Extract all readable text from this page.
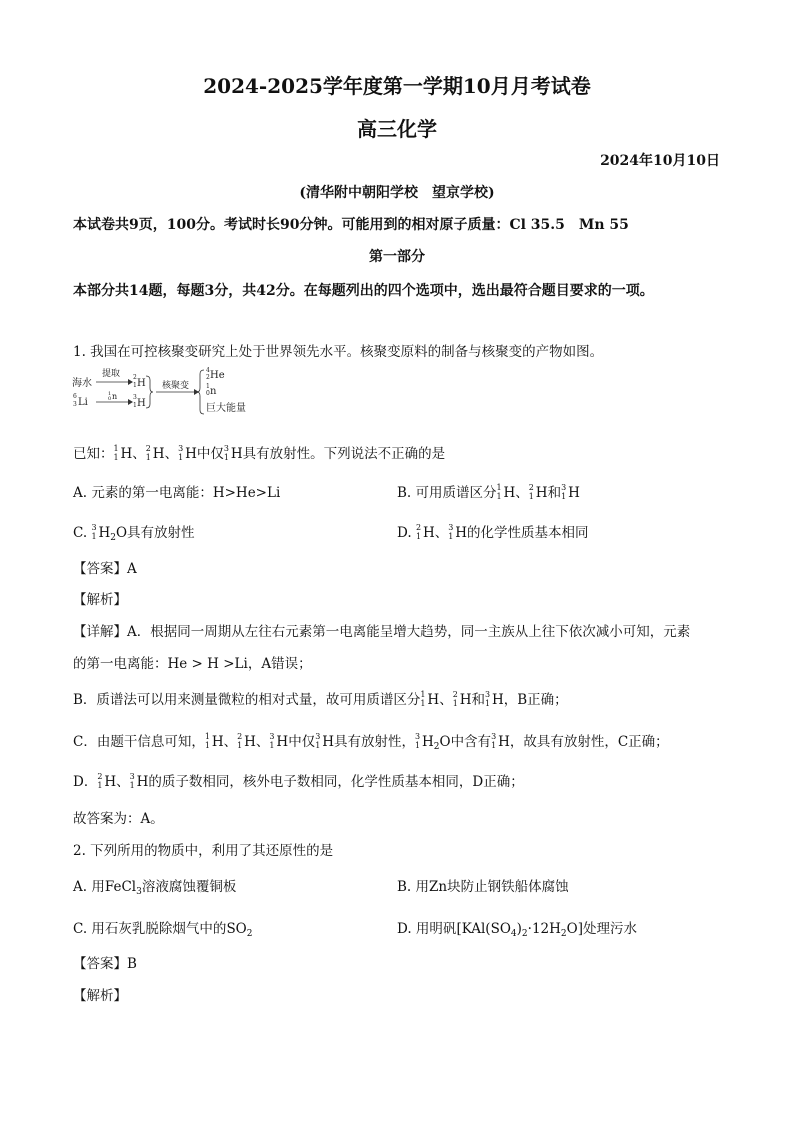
2024-2025学年度第一学期10月月考试卷
高三化学
2024年10月10日
(清华附中朝阳学校　望京学校)
本试卷共9页，100分。考试时长90分钟。可能用到的相对原子质量：Cl 35.5　Mn 55
第一部分
本部分共14题，每题3分，共42分。在每题列出的四个选项中，选出最符合题目要求的一项。
1. 我国在可控核聚变研究上处于世界领先水平。核聚变原料的制备与核聚变的产物如图。
海水
提取 2
1 H
6
3 Li
1
0 n	3
1 H
核聚变
4
2 He
1
0 n
巨大能量
已知： 1
1 H、 2
1 H、 3
1 H中仅 3
1 H具有放射性。下列说法不正确的是
A. 元素的第一电离能：H>He>Li	B. 可用质谱区分 1
1 H、 2
1 H和 3
1 H
C. 3
1 $H_2O$具有放射性	D. 2
1 H、 3
1 H的化学性质基本相同
【答案】A
【解析】
【详解】A．根据同一周期从左往右元素第一电离能呈增大趋势，同一主族从上往下依次减小可知，元素
的第一电离能：He > H >Li，A错误；
B．质谱法可以用来测量微粒的相对式量，故可用质谱区分 1
1 H、 2
1 H和 3
1 H，B正确；
C．由题干信息可知， 1
1 H、 2
1 H、 3
1 H中仅 3
1 H具有放射性， 3
1 $H_2O$中含有 3
1 H，故具有放射性，C正确；
D． 2
1 H、 3
1 H的质子数相同，核外电子数相同，化学性质基本相同，D正确；
故答案为：A。
2. 下列所用的物质中，利用了其还原性的是
A. 用FeCl$_3$溶液腐蚀覆铜板	B. 用Zn块防止钢铁船体腐蚀
C. 用石灰乳脱除烟气中的$SO_2$	D. 用明矾$[KAl(SO_4)_2\cdot 12H_2O]$处理污水
【答案】B
【解析】
